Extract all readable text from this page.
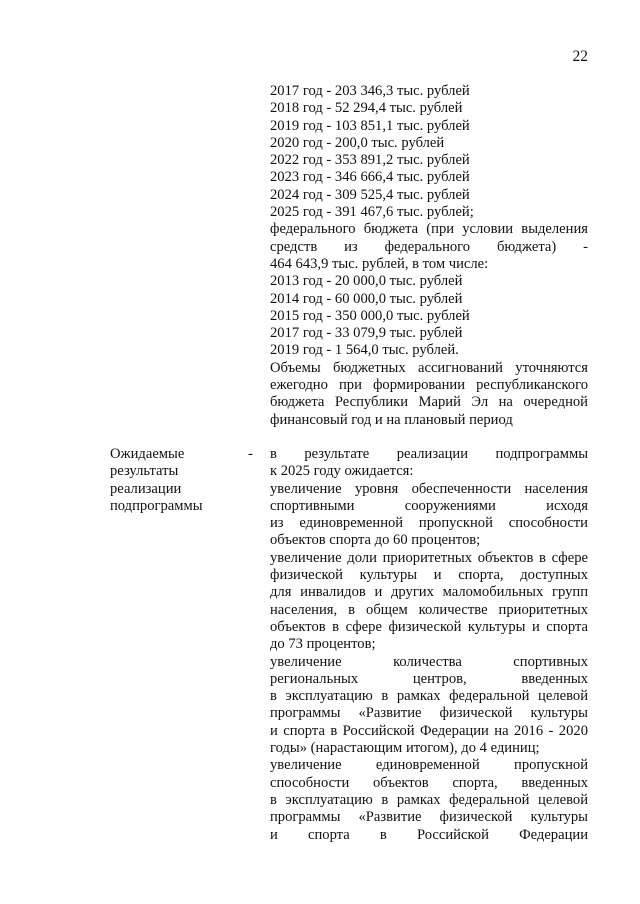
22
2017 год - 203 346,3 тыс. рублей
2018 год - 52 294,4 тыс. рублей
2019 год - 103 851,1 тыс. рублей
2020 год - 200,0 тыс. рублей
2022 год - 353 891,2 тыс. рублей
2023 год - 346 666,4 тыс. рублей
2024 год - 309 525,4 тыс. рублей
2025 год - 391 467,6 тыс. рублей;
федерального бюджета (при условии выделения
средств из федерального бюджета) -
464 643,9 тыс. рублей, в том числе:
2013 год - 20 000,0 тыс. рублей
2014 год - 60 000,0 тыс. рублей
2015 год - 350 000,0 тыс. рублей
2017 год - 33 079,9 тыс. рублей
2019 год - 1 564,0 тыс. рублей.
Объемы бюджетных ассигнований уточняются
ежегодно при формировании республиканского
бюджета Республики Марий Эл на очередной
финансовый год и на плановый период
Ожидаемые
результаты
реализации
подпрограммы
- в результате реализации подпрограммы
к 2025 году ожидается:
увеличение уровня обеспеченности населения
спортивными сооружениями исходя
из единовременной пропускной способности
объектов спорта до 60 процентов;
увеличение доли приоритетных объектов в сфере
физической культуры и спорта, доступных
для инвалидов и других маломобильных групп
населения, в общем количестве приоритетных
объектов в сфере физической культуры и спорта
до 73 процентов;
увеличение количества спортивных
региональных центров, введенных
в эксплуатацию в рамках федеральной целевой
программы «Развитие физической культуры
и спорта в Российской Федерации на 2016 - 2020
годы» (нарастающим итогом), до 4 единиц;
увеличение единовременной пропускной
способности объектов спорта, введенных
в эксплуатацию в рамках федеральной целевой
программы «Развитие физической культуры
и спорта в Российской Федерации
